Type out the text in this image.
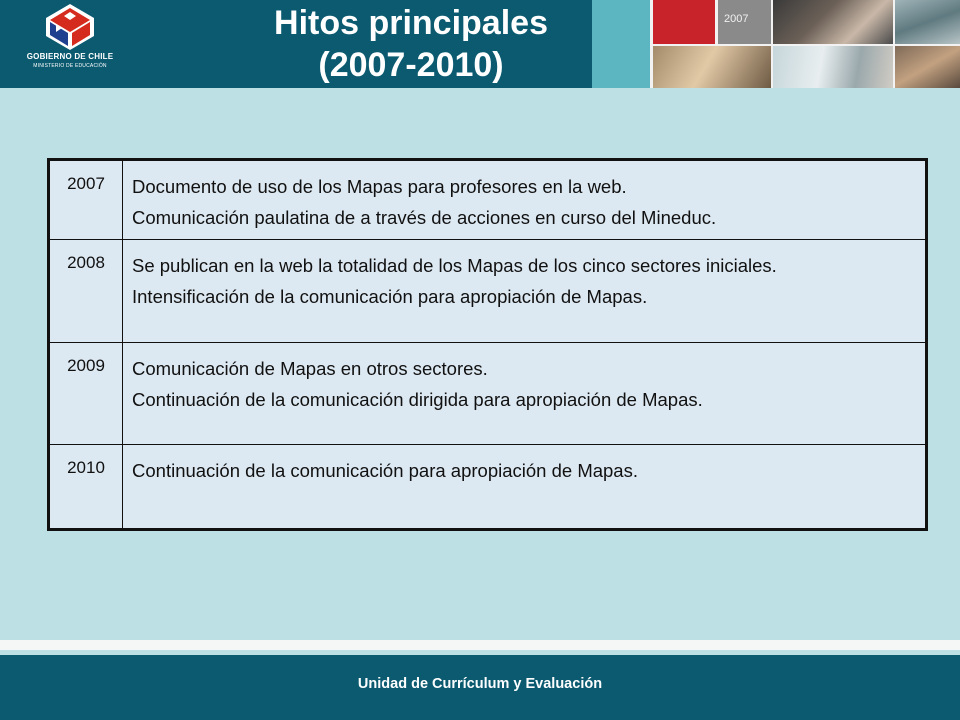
GOBIERNO DE CHILE
MINISTERIO DE EDUCACIÓN
Hitos principales
(2007-2010)
2007
2007	Documento de uso de los Mapas para profesores en la web.
Comunicación paulatina de a través de acciones en curso del Mineduc.
2008	Se publican en la web la totalidad de los Mapas de los cinco sectores iniciales.
Intensificación de la comunicación para apropiación de Mapas.
2009	Comunicación de Mapas en otros sectores.
Continuación de la comunicación dirigida para apropiación de Mapas.
2010	Continuación de la comunicación para apropiación de Mapas.
Unidad de Currículum y Evaluación
